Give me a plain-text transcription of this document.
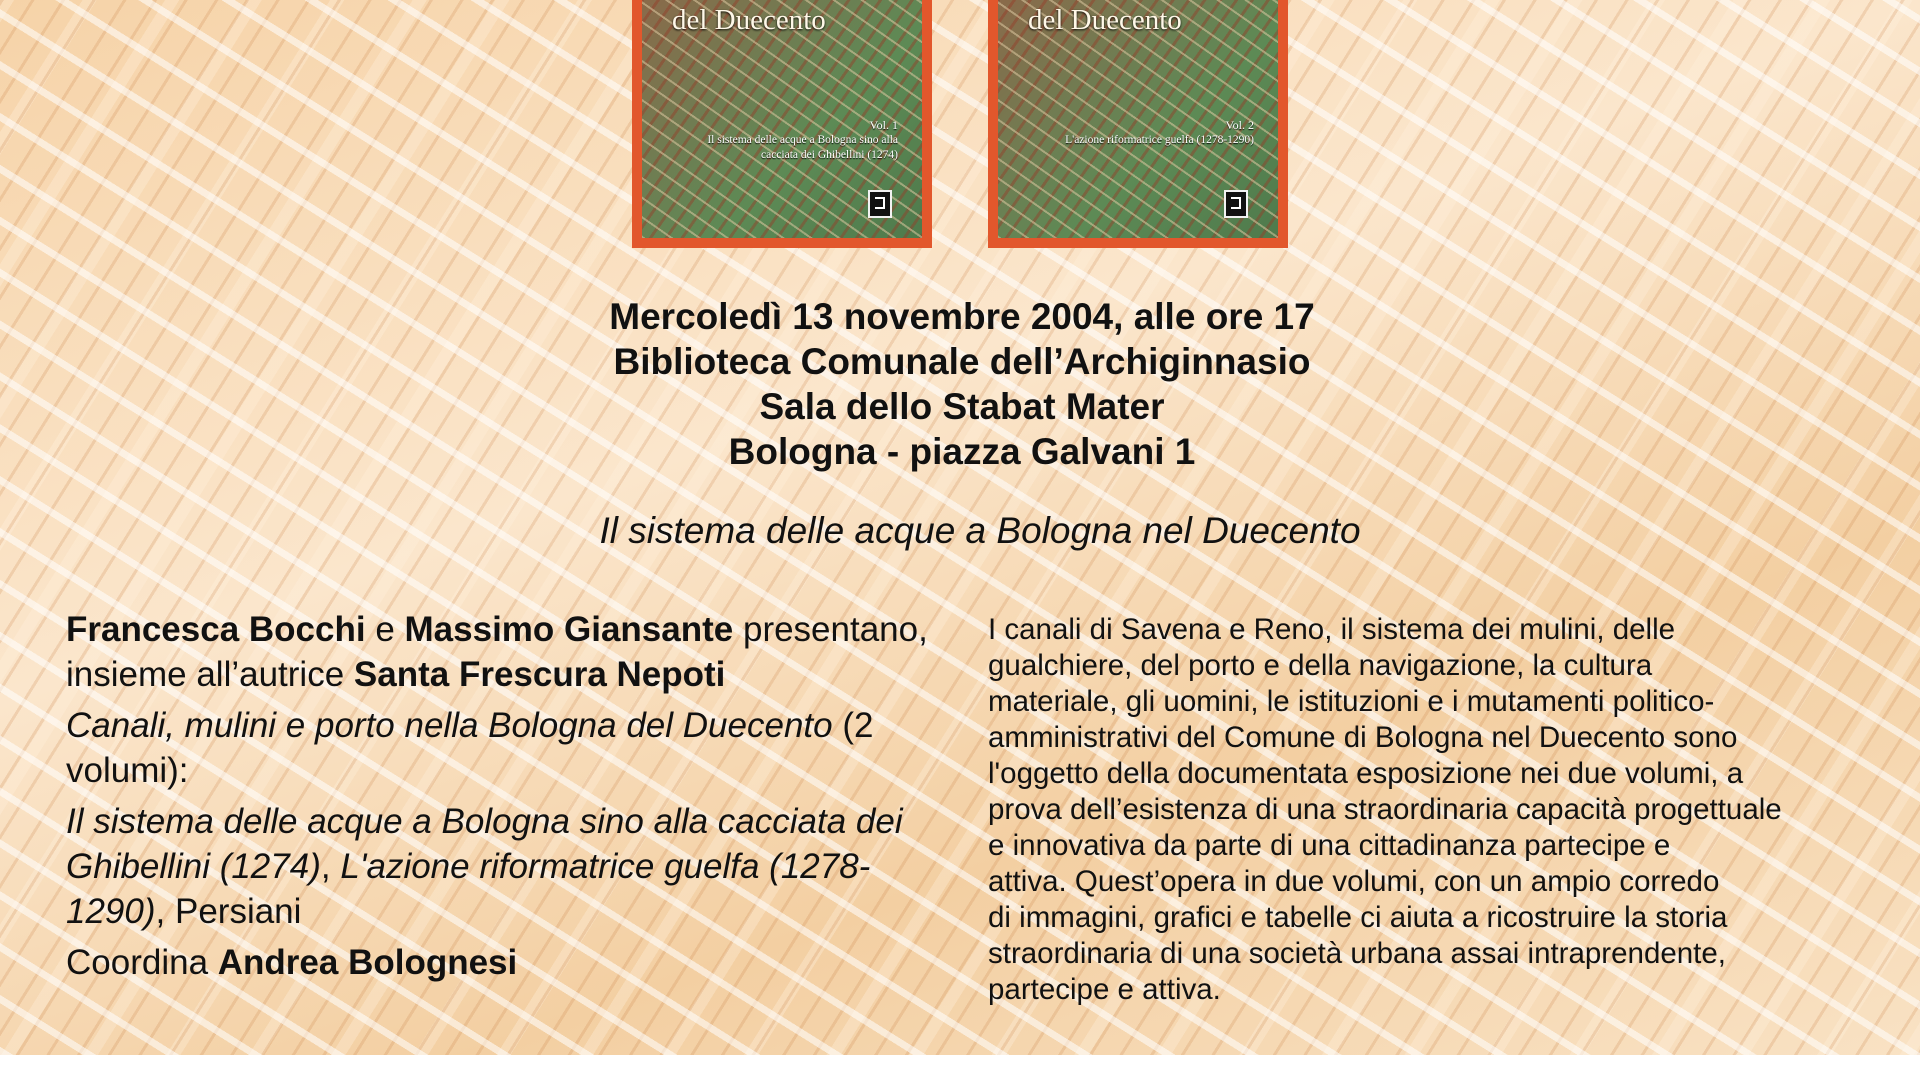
del Duecento
Vol. 1
Il sistema delle acque a Bologna sino alla cacciata dei Ghibellini (1274)
del Duecento
Vol. 2
L'azione riformatrice guelfa (1278-1290)
Mercoledì 13 novembre 2004, alle ore 17
Biblioteca Comunale dell’Archiginnasio
Sala dello Stabat Mater
Bologna - piazza Galvani 1
Il sistema delle acque a Bologna nel Duecento

Francesca Bocchi e Massimo Giansante presentano,
insieme all’autrice Santa Frescura Nepoti

Canali, mulini e porto nella Bologna del Duecento (2 volumi):

Il sistema delle acque a Bologna sino alla cacciata dei Ghibellini (1274), L'azione riformatrice guelfa (1278-1290), Persiani

Coordina Andrea Bolognesi

I canali di Savena e Reno, il sistema dei mulini, delle
gualchiere, del porto e della navigazione, la cultura
materiale, gli uomini, le istituzioni e i mutamenti politico-
amministrativi del Comune di Bologna nel Duecento sono
l'oggetto della documentata esposizione nei due volumi, a
prova dell’esistenza di una straordinaria capacità progettuale
e innovativa da parte di una cittadinanza partecipe e
attiva. Quest’opera in due volumi, con un ampio corredo
di immagini, grafici e tabelle ci aiuta a ricostruire la storia
straordinaria di una società urbana assai intraprendente,
partecipe e attiva.
